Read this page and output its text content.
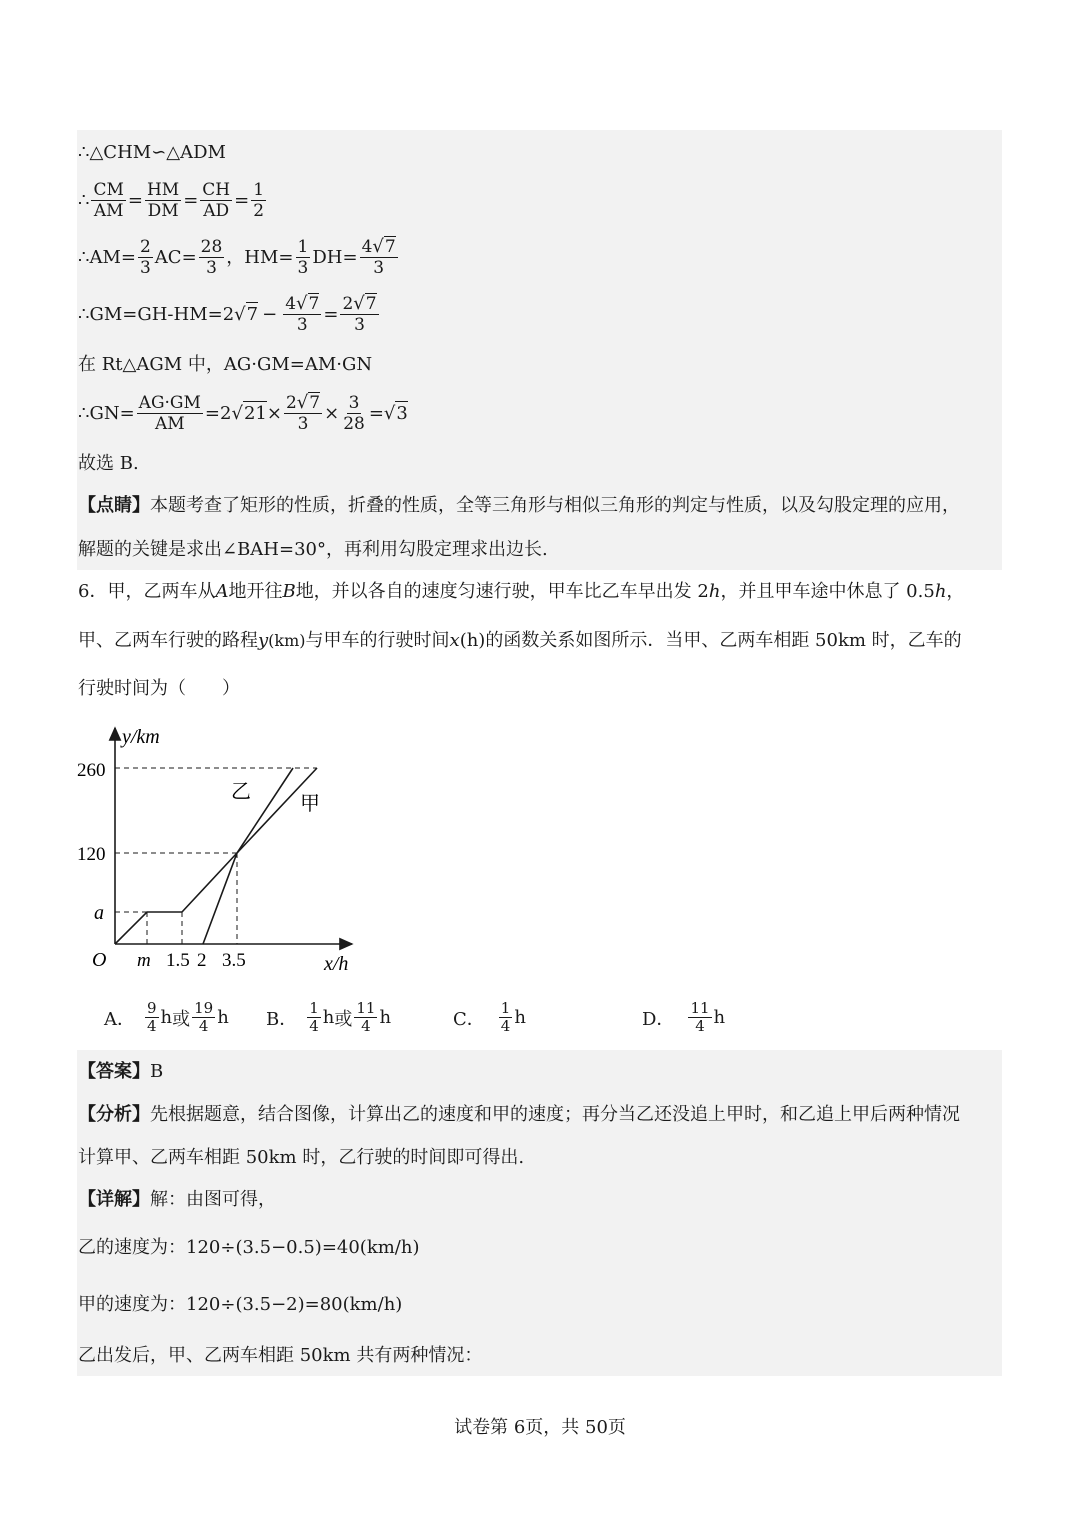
∴△CHM∽△ADM
∴ $\frac{CM}{AM} = \frac{HM}{DM} = \frac{CH}{AD} = \frac{1}{2}$
∴AM= $\frac{2}{3} AC= \frac{28}{3}$ ，$HM= \frac{1}{3} DH= \frac{4√7}{3}$
∴GM=GH-HM=2 √ $7 - \frac{4√7}{3} = \frac{2√7}{3}$
在 Rt△AGM 中，AG·GM=AM·GN
∴GN= $\frac{AG\cdot GM}{AM} =2$ √ $21 \times \frac{2√7}{3} \times \frac{3}{28}$ = √ 3
故选 B.
【点睛】 本题考查了矩形的性质，折叠的性质，全等三角形与相似三角形的判定与性质，以及勾股定理的应用，
解题的关键是求出∠BAH=30°，再利用勾股定理求出边长.
6． 甲，乙两车从 A 地开往 B 地，并以各自的速度匀速行驶，甲车比乙车早出发 2 h ，并且甲车途中休息了 0.5 h ，
甲、乙两车行驶的路程 y (km) 与甲车的行驶时间 x (h) 的函数关系如图所示．当甲、乙两车相距 50km 时，乙车的
行驶时间为（　　）
y/km
x/h
O
260
120
a
m 1.5 2 3.5
乙
甲
A． $\frac{9}{4}$ h 或 $\frac{19}{4}$ h B． $\frac{1}{4}$ h 或 $\frac{11}{4}$ h	C． $\frac{1}{4}$ h	D． $\frac{11}{4}$ h
【答案】 B
【分析】 先根据题意，结合图像，计算出乙的速度和甲的速度；再分当乙还没追上甲时，和乙追上甲后两种情况
计算甲、乙两车相距 50km 时，乙行驶的时间即可得出.
【详解】 解：由图可得，
乙的速度为：120÷(3.5−0.5)=40(km/h)
甲的速度为：120÷(3.5−2)=80(km/h)
乙出发后，甲、乙两车相距 50km 共有两种情况：
试卷第 6页，共 50页
